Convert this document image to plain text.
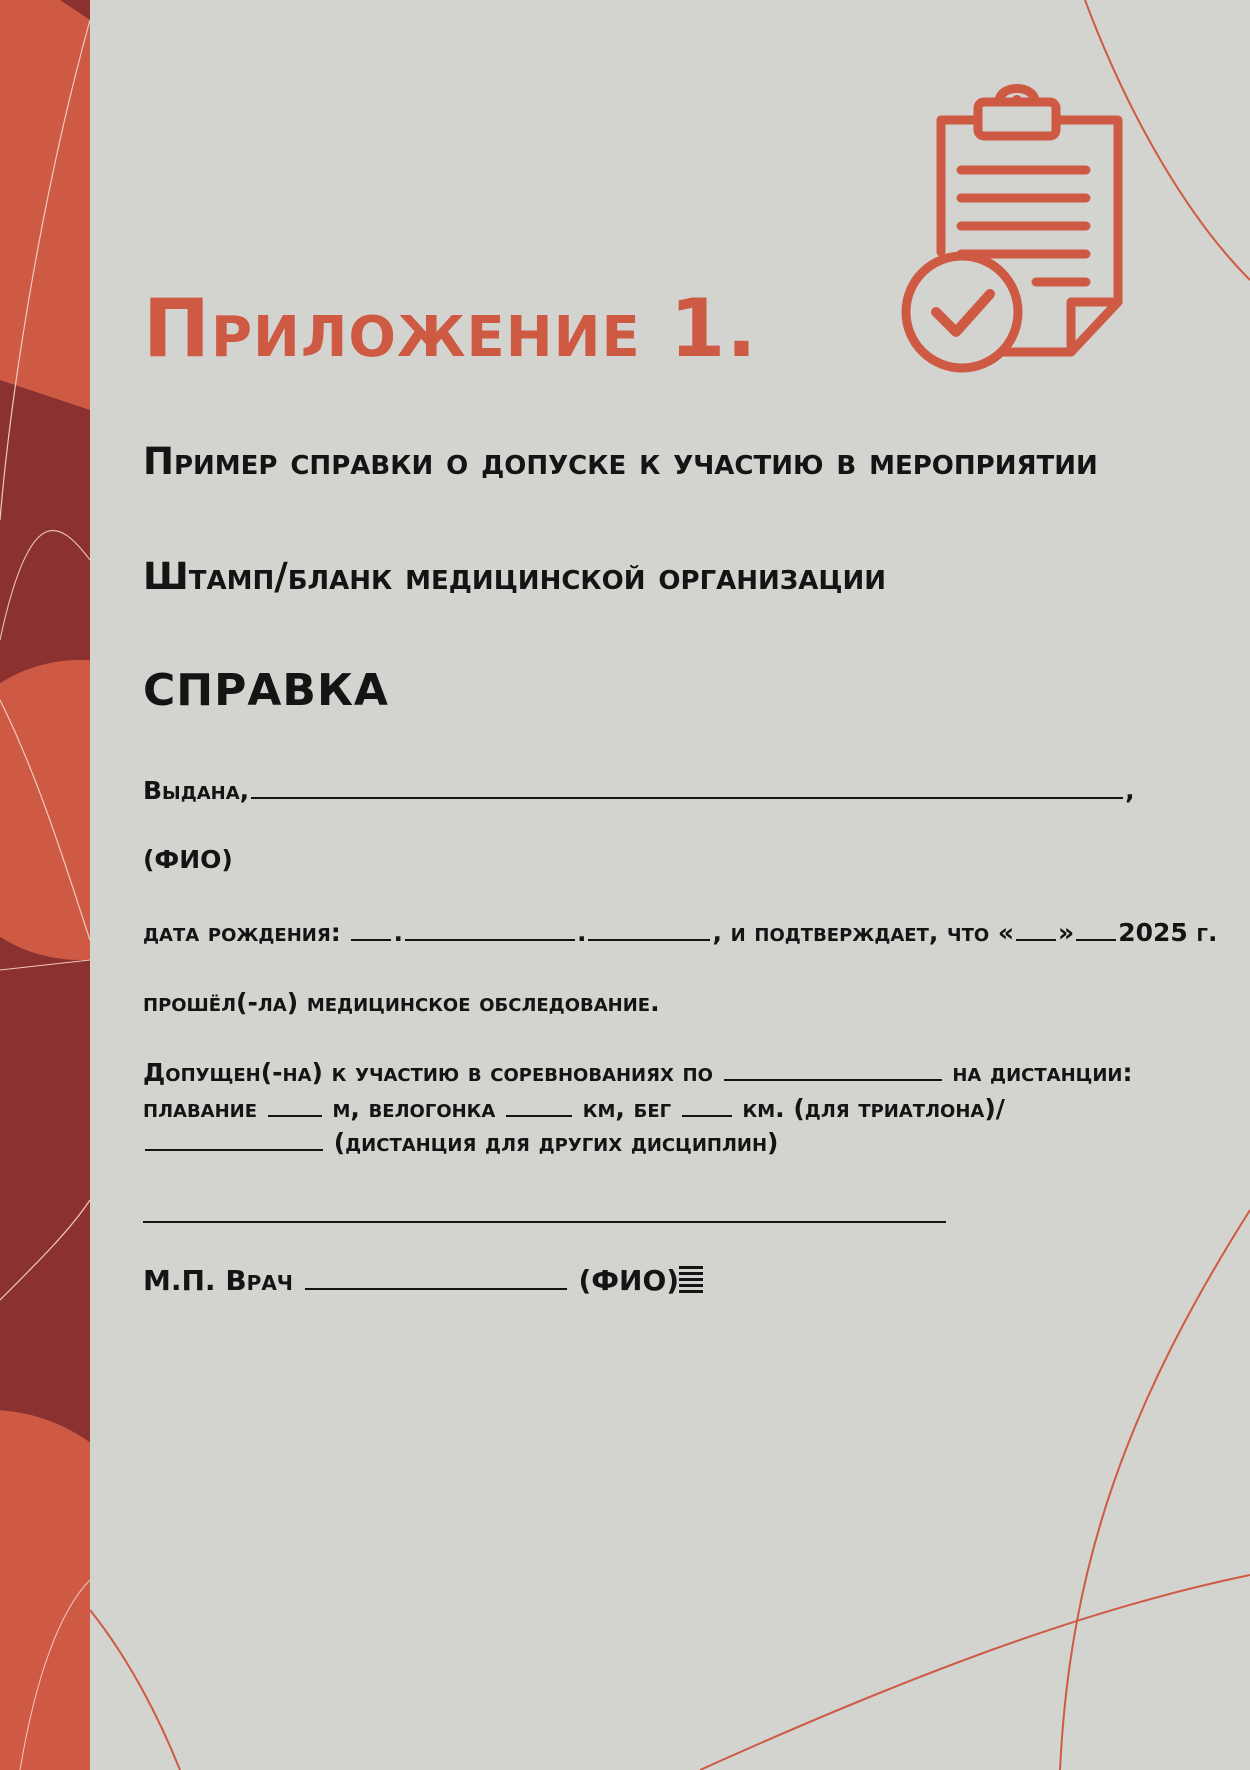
Приложение 1.

Пример справки о допуске к участию в мероприятии

Штамп/бланк медицинской организации

СПРАВКА

Выдана,	,

(ФИО)

дата рождения: .	.	, и подтверждает, что « » 2025 г.

прошёл(-ла) медицинское обследование.

Допущен(-на) к участию в соревнованиях по	на дистанции:

плавание	м, велогонка	км, бег	км. (для триатлона)/

(дистанция для других дисциплин)

М.П. Врач	(ФИО)
